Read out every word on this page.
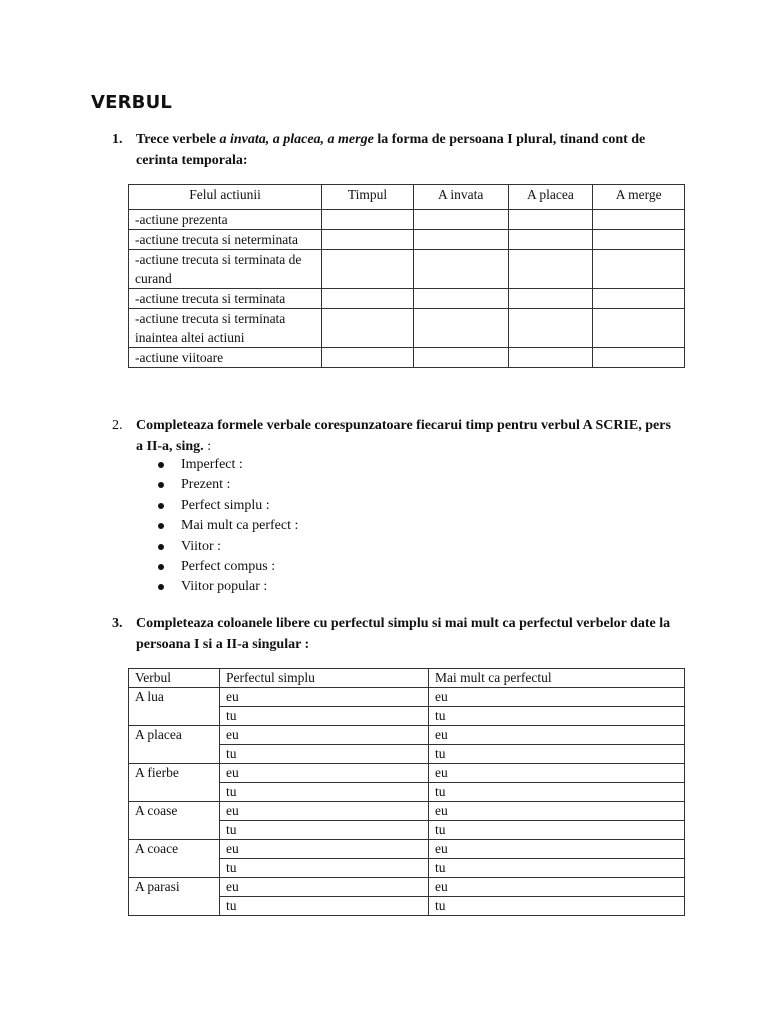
VERBUL
1. Trece verbele a invata, a placea, a merge la forma de persoana I plural, tinand cont de cerinta temporala:
Felul actiunii	Timpul	A invata	A placea	A merge
-actiune prezenta				
-actiune trecuta si neterminata				
-actiune trecuta si terminata de curand				
-actiune trecuta si terminata				
-actiune trecuta si terminata inaintea altei actiuni				
-actiune viitoare				
2. Completeaza formele verbale corespunzatoare fiecarui timp pentru verbul A SCRIE, pers a II-a, sing. :
Imperfect :
Prezent :
Perfect simplu :
Mai mult ca perfect :
Viitor :
Perfect compus :
Viitor popular :
3. Completeaza coloanele libere cu perfectul simplu si mai mult ca perfectul verbelor date la persoana I si a II-a singular :
Verbul	Perfectul simplu	Mai mult ca perfectul
A lua	eu	eu
	tu	tu
A placea	eu	eu
	tu	tu
A fierbe	eu	eu
	tu	tu
A coase	eu	eu
	tu	tu
A coace	eu	eu
	tu	tu
A parasi	eu	eu
	tu	tu
